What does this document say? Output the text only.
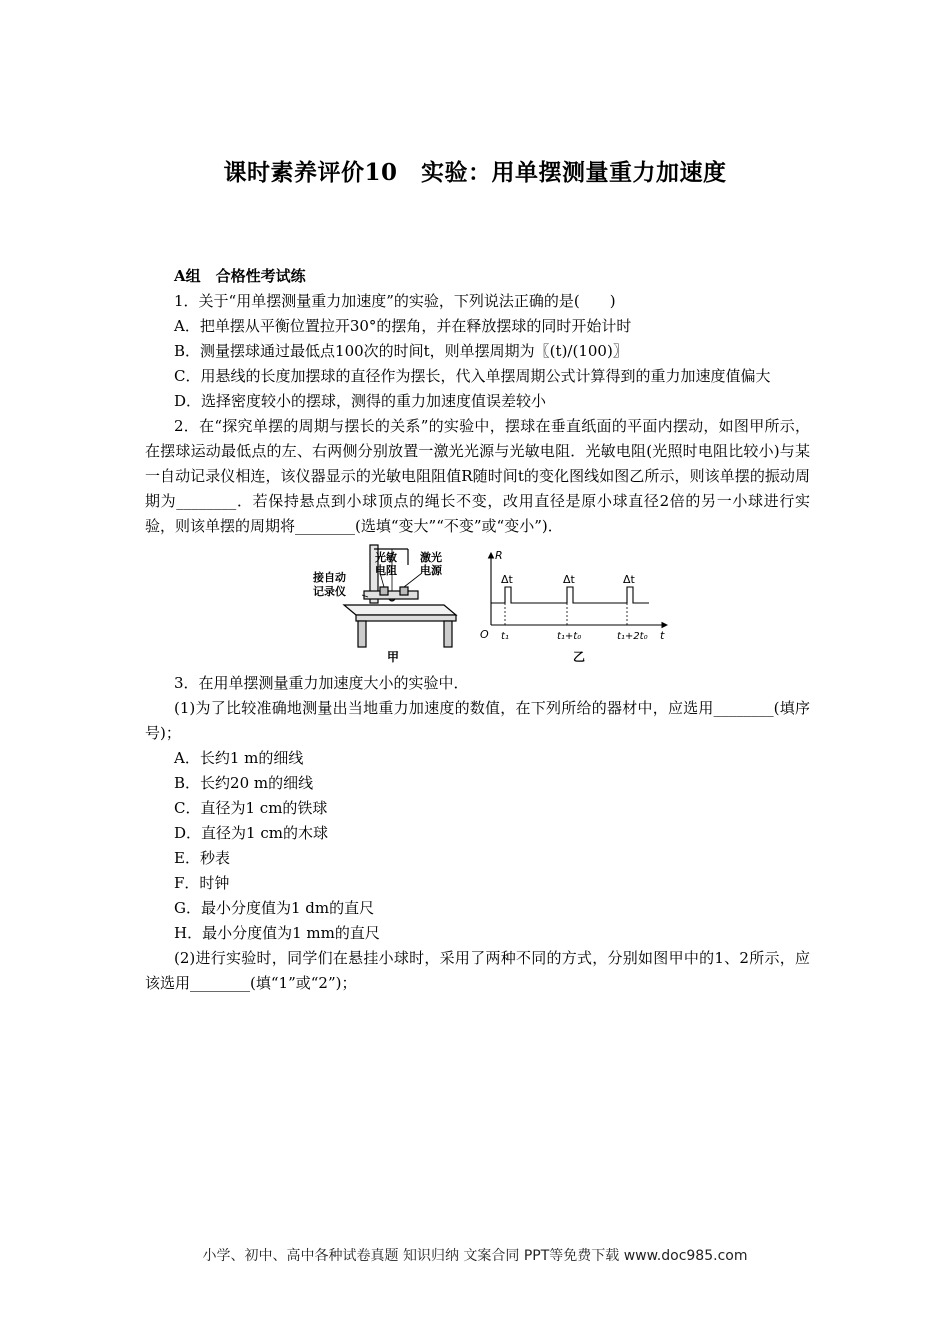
课时素养评价10　实验：用单摆测量重力加速度

A组　合格性考试练

1．关于“用单摆测量重力加速度”的实验，下列说法正确的是(　　)

A．把单摆从平衡位置拉开30°的摆角，并在释放摆球的同时开始计时

B．测量摆球通过最低点100次的时间t，则单摆周期为〖(t)/(100)〗

C．用悬线的长度加摆球的直径作为摆长，代入单摆周期公式计算得到的重力加速度值偏大

D．选择密度较小的摆球，测得的重力加速度值误差较小

2．在“探究单摆的周期与摆长的关系”的实验中，摆球在垂直纸面的平面内摆动，如图甲所示，在摆球运动最低点的左、右两侧分别放置一激光光源与光敏电阻．光敏电阻(光照时电阻比较小)与某一自动记录仪相连，该仪器显示的光敏电阻阻值R随时间t的变化图线如图乙所示，则该单摆的振动周期为________．若保持悬点到小球顶点的绳长不变，改用直径是原小球直径2倍的另一小球进行实验，则该单摆的周期将________(选填“变大”“不变”或“变小”)．

光敏
电阻
激光
电源
接自动
记录仪
甲
R
t
O
Δt	Δt	Δt
t₁	t₁+t₀	t₁+2t₀
乙

3．在用单摆测量重力加速度大小的实验中．

(1)为了比较准确地测量出当地重力加速度的数值，在下列所给的器材中，应选用________(填序号)；

A．长约1 m的细线

B．长约20 m的细线

C．直径为1 cm的铁球

D．直径为1 cm的木球

E．秒表

F．时钟

G．最小分度值为1 dm的直尺

H．最小分度值为1 mm的直尺

(2)进行实验时，同学们在悬挂小球时，采用了两种不同的方式，分别如图甲中的1、2所示，应该选用________(填“1”或“2”)；

小学、初中、高中各种试卷真题 知识归纳 文案合同 PPT等免费下载 www.doc985.com
